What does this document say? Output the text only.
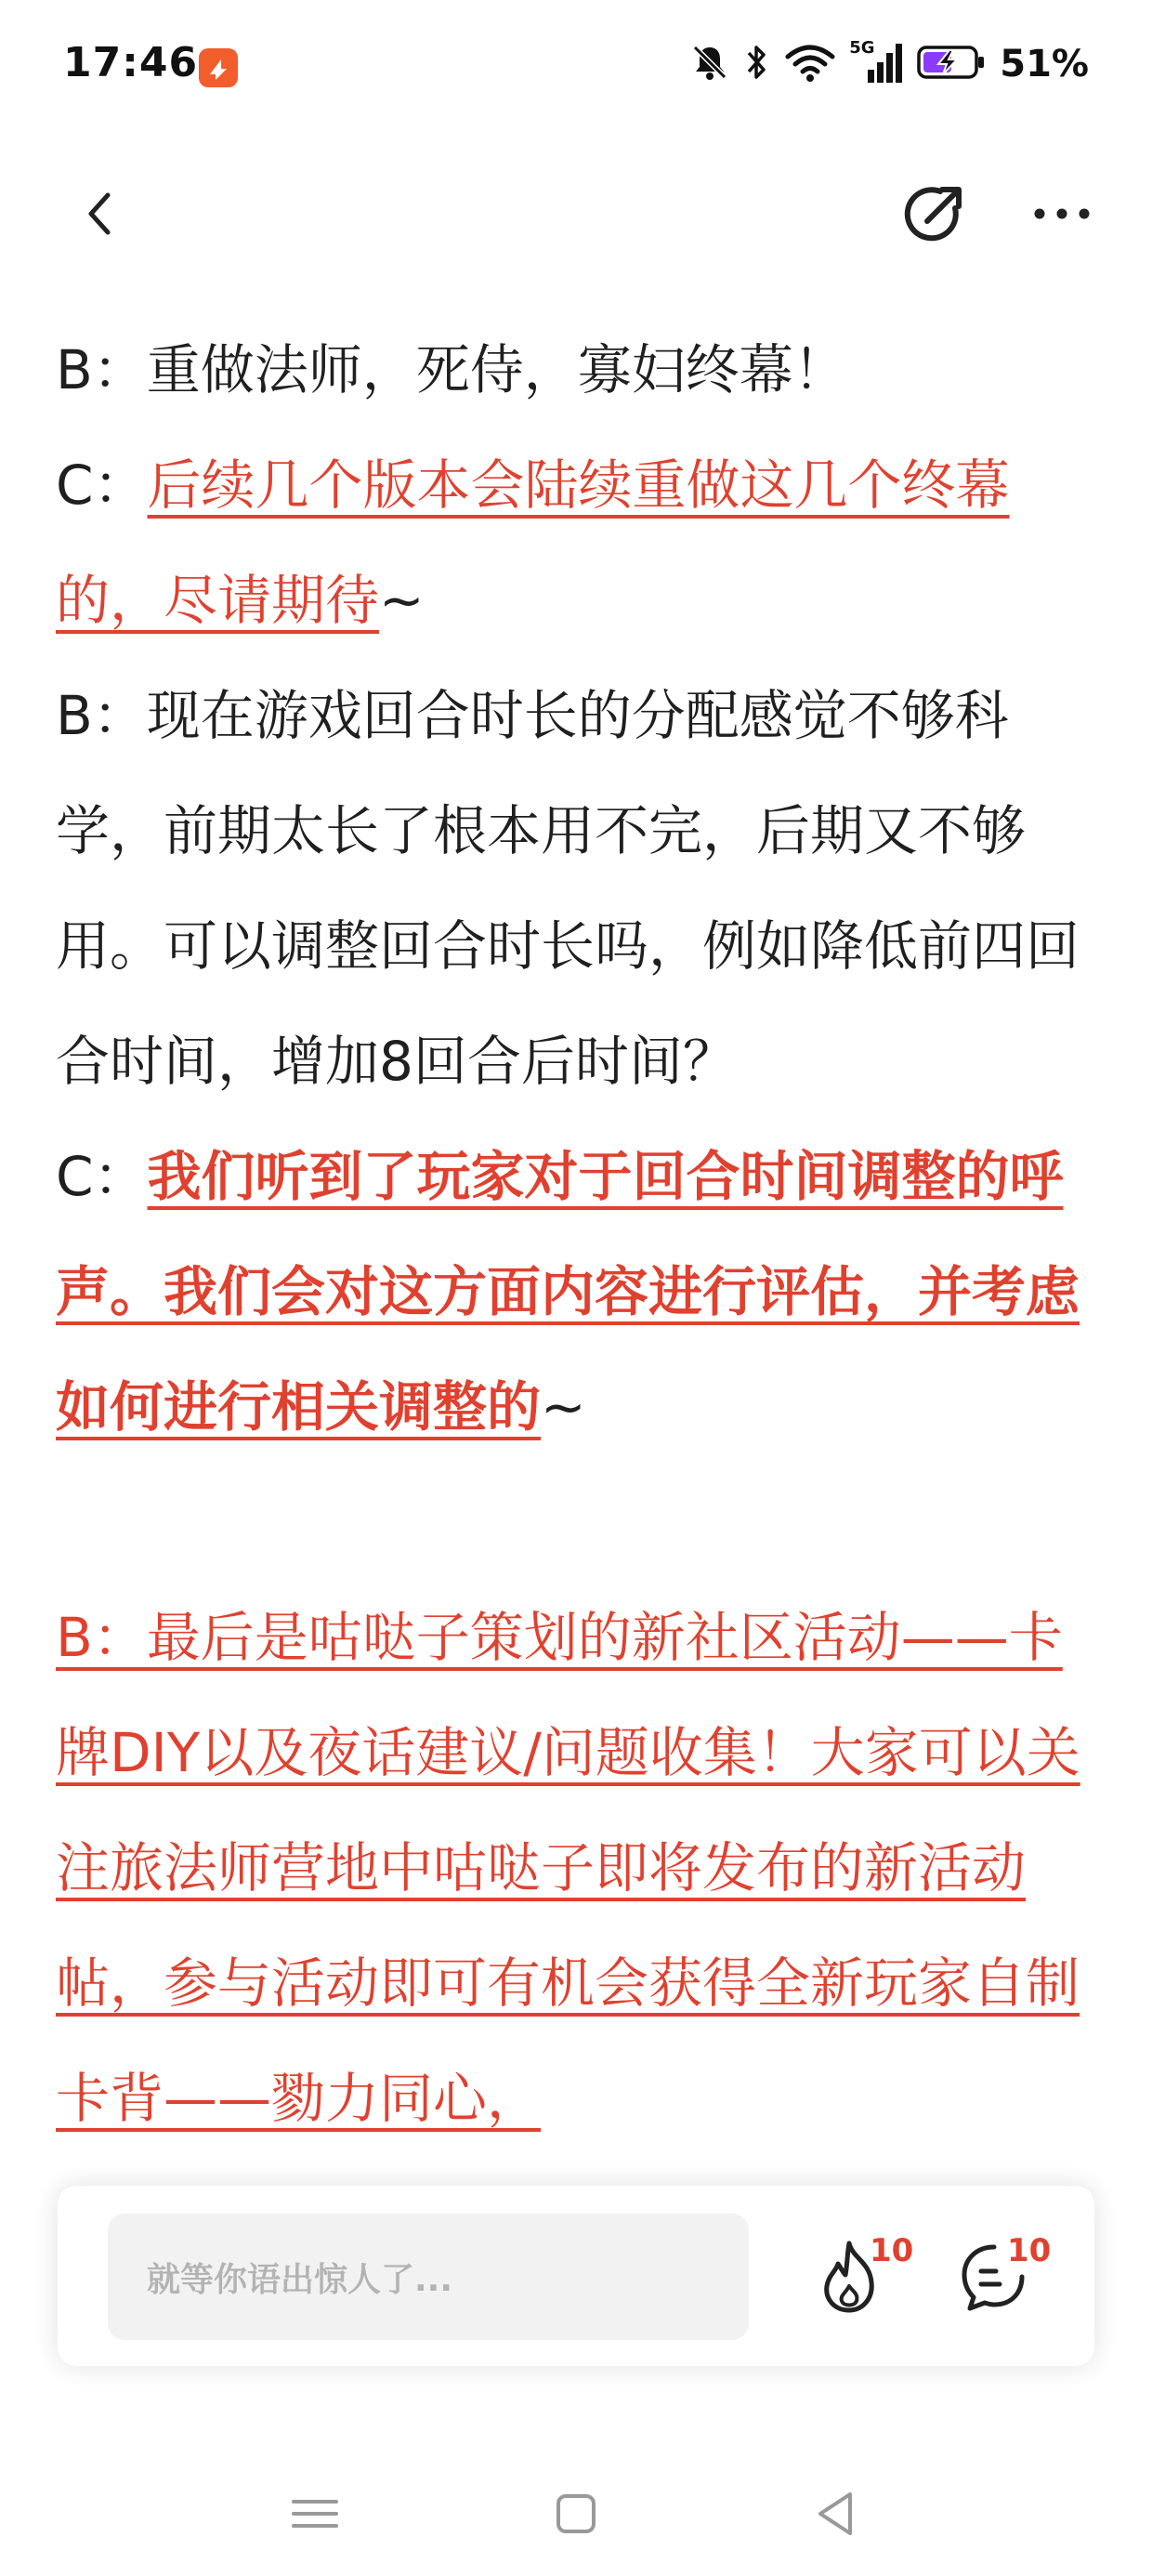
17:46	5G	51%

B：重做法师，死侍，寡妇终幕！

C：后续几个版本会陆续重做这几个终幕的，尽请期待~

B：现在游戏回合时长的分配感觉不够科学，前期太长了根本用不完，后期又不够用。可以调整回合时长吗，例如降低前四回合时间，增加8回合后时间？

C：我们听到了玩家对于回合时间调整的呼声。我们会对这方面内容进行评估，并考虑如何进行相关调整的~

B：最后是咕哒子策划的新社区活动——卡牌DIY以及夜话建议/问题收集！大家可以关注旅法师营地中咕哒子即将发布的新活动帖，参与活动即可有机会获得全新玩家自制卡背——勠力同心，

就等你语出惊人了...
10	10
